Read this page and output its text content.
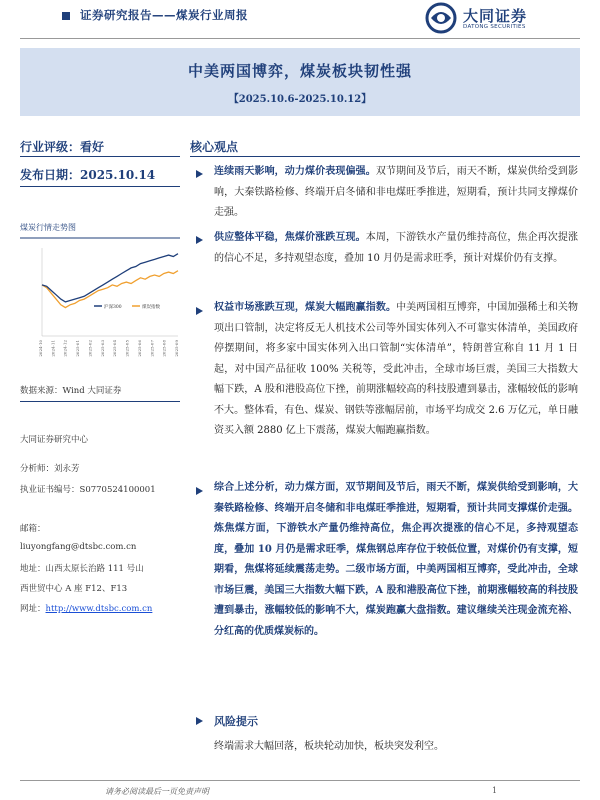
证券研究报告——煤炭行业周报	大同证券
DATONG SECURITIES
中美两国博弈，煤炭板块韧性强
【2025.10.6-2025.10.12】
行业评级：看好
发布日期：2025.10.14
煤炭行情走势图
2024-10 2024-11 2024-12 2025-01 2025-02 2025-03 2025-04 2025-05 2025-06 2025-07 2025-08 2025-09
沪深300	煤炭指数
数据来源：Wind 大同证券
大同证券研究中心
分析师：刘永芳
执业证书编号：S0770524100001
邮箱：
liuyongfang@dtsbc.com.cn
地址：山西太原长治路 111 号山
西世贸中心 A 座 F12、F13
网址：http://www.dtsbc.com.cn
核心观点
连续雨天影响，动力煤价表现偏强。双节期间及节后，雨天不断，煤炭供给受到影响，大秦铁路检修、终端开启冬储和非电煤旺季推进，短期看，预计共同支撑煤价走强。
供应整体平稳，焦煤价涨跌互现。本周，下游铁水产量仍维持高位，焦企再次提涨的信心不足，多持观望态度，叠加 10 月仍是需求旺季，预计对煤价仍有支撑。
权益市场涨跌互现，煤炭大幅跑赢指数。中美两国相互博弈，中国加强稀土和关物项出口管制，决定将反无人机技术公司等外国实体列入不可靠实体清单，美国政府停摆期间，将多家中国实体列入出口管制“实体清单”，特朗普宣称自 11 月 1 日起，对中国产品征收 100% 关税等，受此冲击，全球市场巨震，美国三大指数大幅下跌，A 股和港股高位下挫，前期涨幅较高的科技股遭到暴击，涨幅较低的影响不大。整体看，有色、煤炭、钢铁等涨幅居前，市场平均成交 2.6 万亿元，单日融资买入额 2880 亿上下震荡，煤炭大幅跑赢指数。
综合上述分析，动力煤方面，双节期间及节后，雨天不断，煤炭供给受到影响，大秦铁路检修、终端开启冬储和非电煤旺季推进，短期看，预计共同支撑煤价走强。炼焦煤方面，下游铁水产量仍维持高位，焦企再次提涨的信心不足，多持观望态度，叠加 10 月仍是需求旺季，煤焦钢总库存位于较低位置，对煤价仍有支撑，短期看，焦煤将延续震荡走势。二级市场方面，中美两国相互博弈，受此冲击，全球市场巨震，美国三大指数大幅下跌，A 股和港股高位下挫，前期涨幅较高的科技股遭到暴击，涨幅较低的影响不大，煤炭跑赢大盘指数。建议继续关注现金流充裕、分红高的优质煤炭标的。
风险提示
终端需求大幅回落，板块轮动加快，板块突发利空。
请务必阅读最后一页免责声明	1
